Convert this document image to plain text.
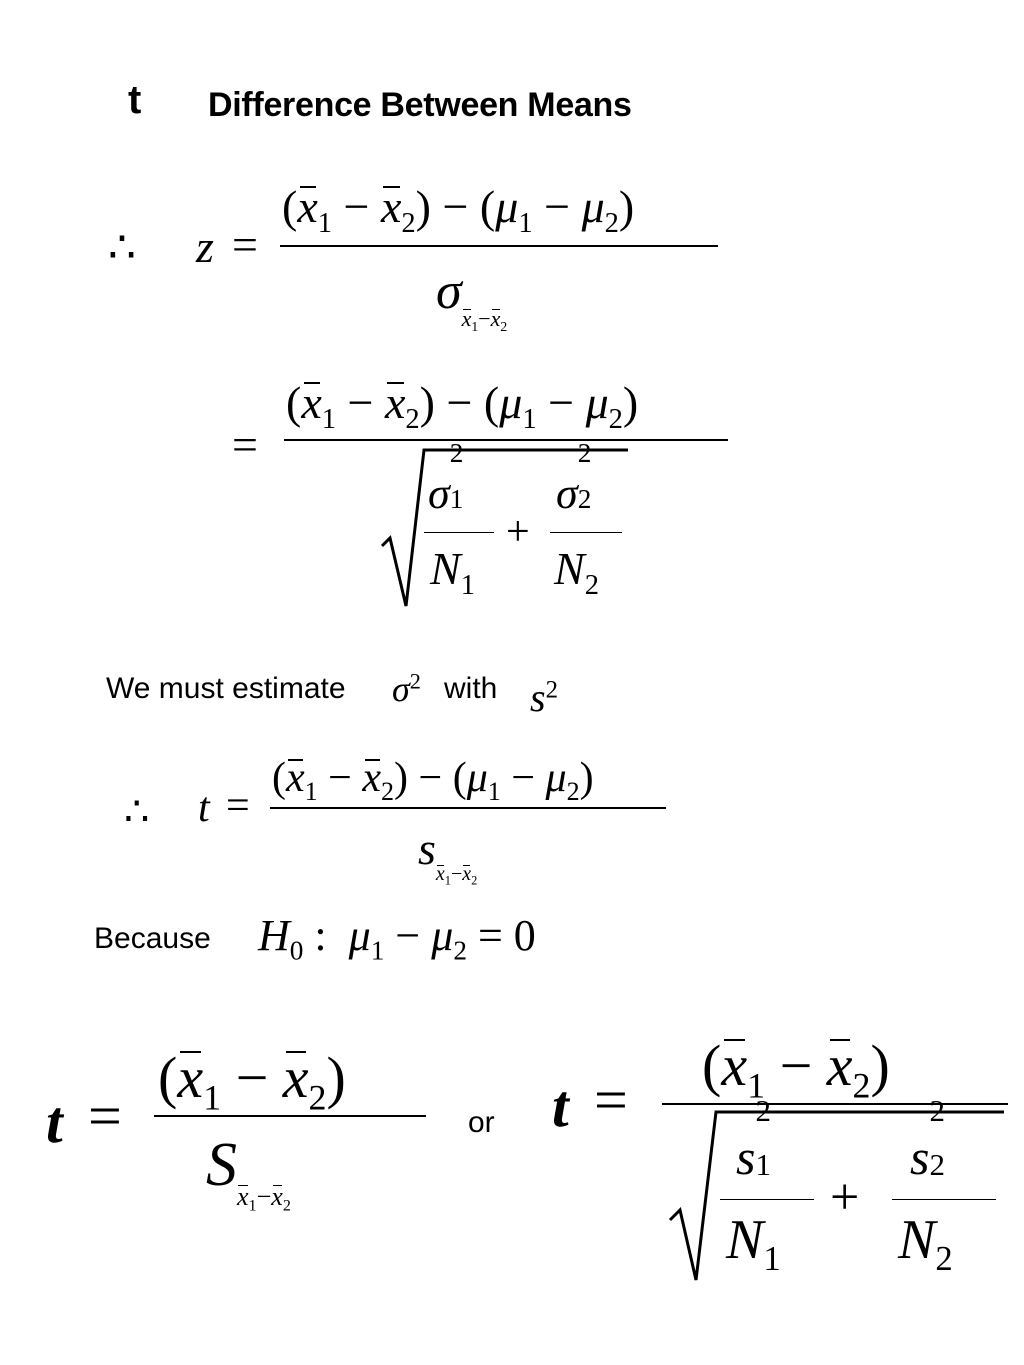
t Difference Between Means
∴ z =
$(x_1 - x_2) - (\mu_1 - \mu_2)$
$\sigma_{x_1-x_2}$
=
$(x_1 - x_2) - (\mu_1 - \mu_2)$
σ 1
2
$N_1$
+
σ 2
2
$N_2$
We must estimate $\sigma^2$ with $s^2$
∴ t =
$(x_1 - x_2) - (\mu_1 - \mu_2)$
$s_{x_1-x_2}$
Because $H_0$ :  $\mu_1 - \mu_2 = 0$
t =
$(x_1 - x_2)$
$S_{x_1-x_2}$
or t =
$(x_1 - x_2)$
s 1
2
$N_1$
+
s 2
2
$N_2$
